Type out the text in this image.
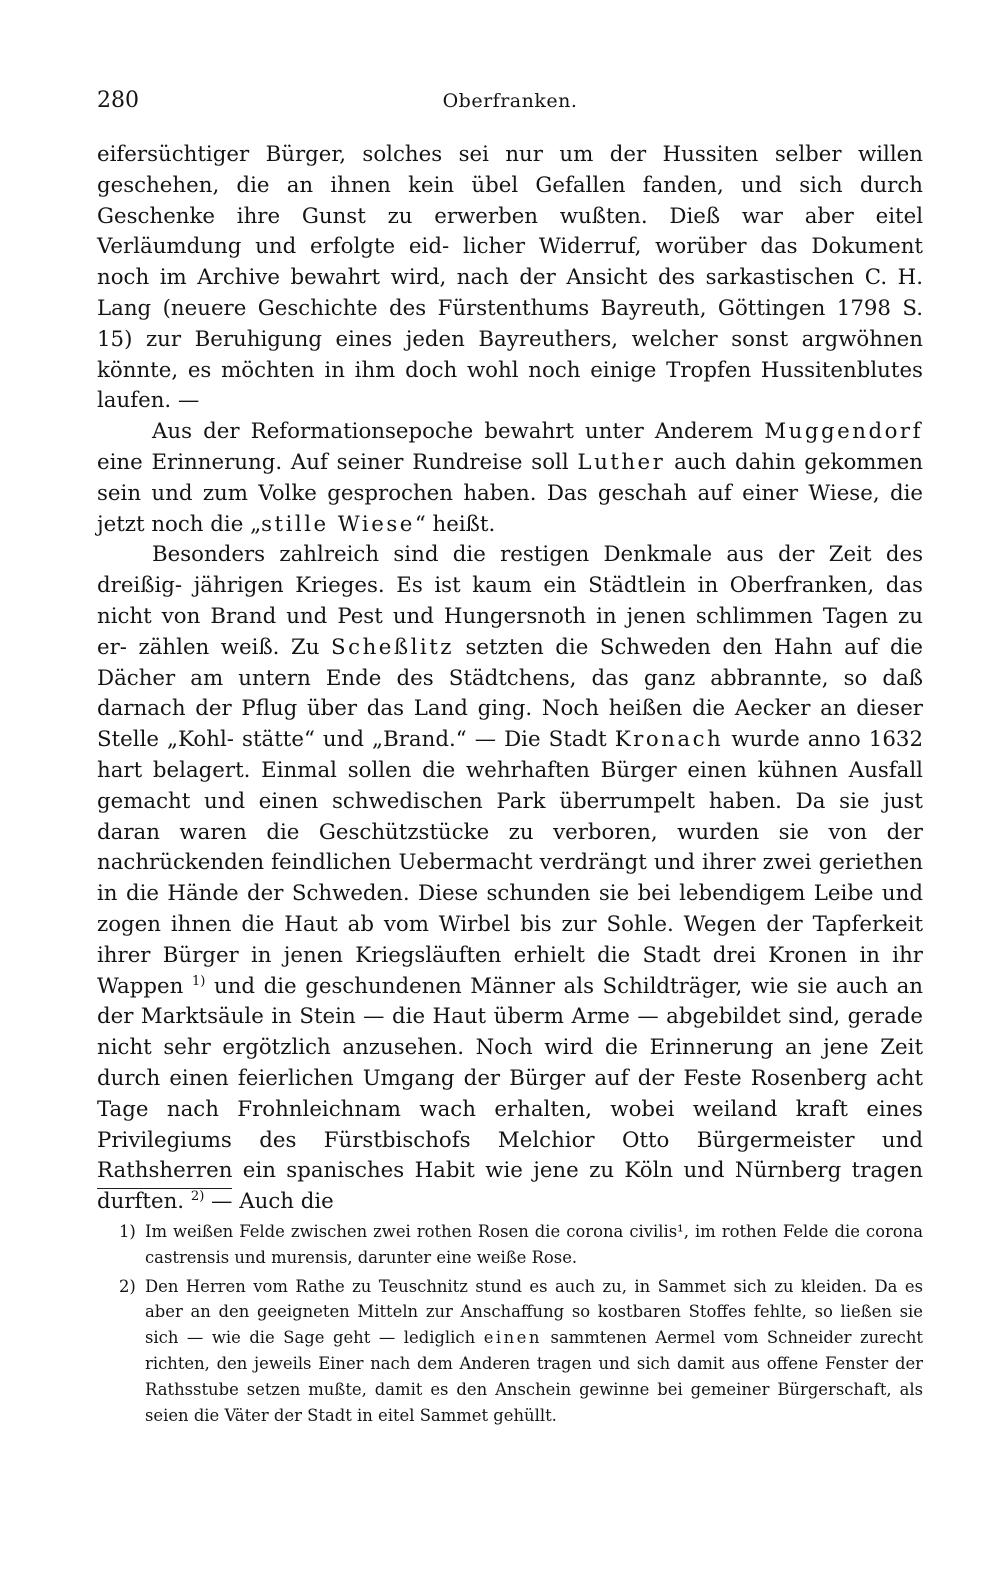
280	Oberfranken.

eifersüchtiger Bürger, solches sei nur um der Hussiten selber willen geschehen, die an ihnen kein übel Gefallen fanden, und sich durch Geschenke ihre Gunst zu erwerben wußten. Dieß war aber eitel Verläumdung und erfolgte eid‑ licher Widerruf, worüber das Dokument noch im Archive bewahrt wird, nach der Ansicht des sarkastischen C. H. Lang (neuere Geschichte des Fürstenthums Bayreuth, Göttingen 1798 S. 15) zur Beruhigung eines jeden Bayreuthers, welcher sonst argwöhnen könnte, es möchten in ihm doch wohl noch einige Tropfen Hussitenblutes laufen. —

Aus der Reformationsepoche bewahrt unter Anderem Muggendorf eine Erinnerung. Auf seiner Rundreise soll Luther auch dahin gekommen sein und zum Volke gesprochen haben. Das geschah auf einer Wiese, die jetzt noch die „stille Wiese“ heißt.

Besonders zahlreich sind die restigen Denkmale aus der Zeit des dreißig‑ jährigen Krieges. Es ist kaum ein Städtlein in Oberfranken, das nicht von Brand und Pest und Hungersnoth in jenen schlimmen Tagen zu er‑ zählen weiß. Zu Scheßlitz setzten die Schweden den Hahn auf die Dächer am untern Ende des Städtchens, das ganz abbrannte, so daß darnach der Pflug über das Land ging. Noch heißen die Aecker an dieser Stelle „Kohl‑ stätte“ und „Brand.“ — Die Stadt Kronach wurde anno 1632 hart belagert. Einmal sollen die wehrhaften Bürger einen kühnen Ausfall gemacht und einen schwedischen Park überrumpelt haben. Da sie just daran waren die Geschützstücke zu verboren, wurden sie von der nachrückenden feindlichen Uebermacht verdrängt und ihrer zwei geriethen in die Hände der Schweden. Diese schunden sie bei lebendigem Leibe und zogen ihnen die Haut ab vom Wirbel bis zur Sohle. Wegen der Tapferkeit ihrer Bürger in jenen Kriegsläuften erhielt die Stadt drei Kronen in ihr Wappen $^{1)}$ und die geschundenen Männer als Schildträger, wie sie auch an der Marktsäule in Stein — die Haut überm Arme — abgebildet sind, gerade nicht sehr ergötzlich anzusehen. Noch wird die Erinnerung an jene Zeit durch einen feierlichen Umgang der Bürger auf der Feste Rosenberg acht Tage nach Frohnleichnam wach erhalten, wobei weiland kraft eines Privilegiums des Fürstbischofs Melchior Otto Bürgermeister und Rathsherren ein spanisches Habit wie jene zu Köln und Nürnberg tragen durften. $^{2)}$ — Auch die

1) Im weißen Felde zwischen zwei rothen Rosen die corona civilis¹, im rothen Felde die corona castrensis und murensis, darunter eine weiße Rose.

2) Den Herren vom Rathe zu Teuschnitz stund es auch zu, in Sammet sich zu kleiden. Da es aber an den geeigneten Mitteln zur Anschaffung so kostbaren Stoffes fehlte, so ließen sie sich — wie die Sage geht — lediglich einen sammtenen Aermel vom Schneider zurecht richten, den jeweils Einer nach dem Anderen tragen und sich damit aus offene Fenster der Rathsstube setzen mußte, damit es den Anschein gewinne bei gemeiner Bürgerschaft, als seien die Väter der Stadt in eitel Sammet gehüllt.
